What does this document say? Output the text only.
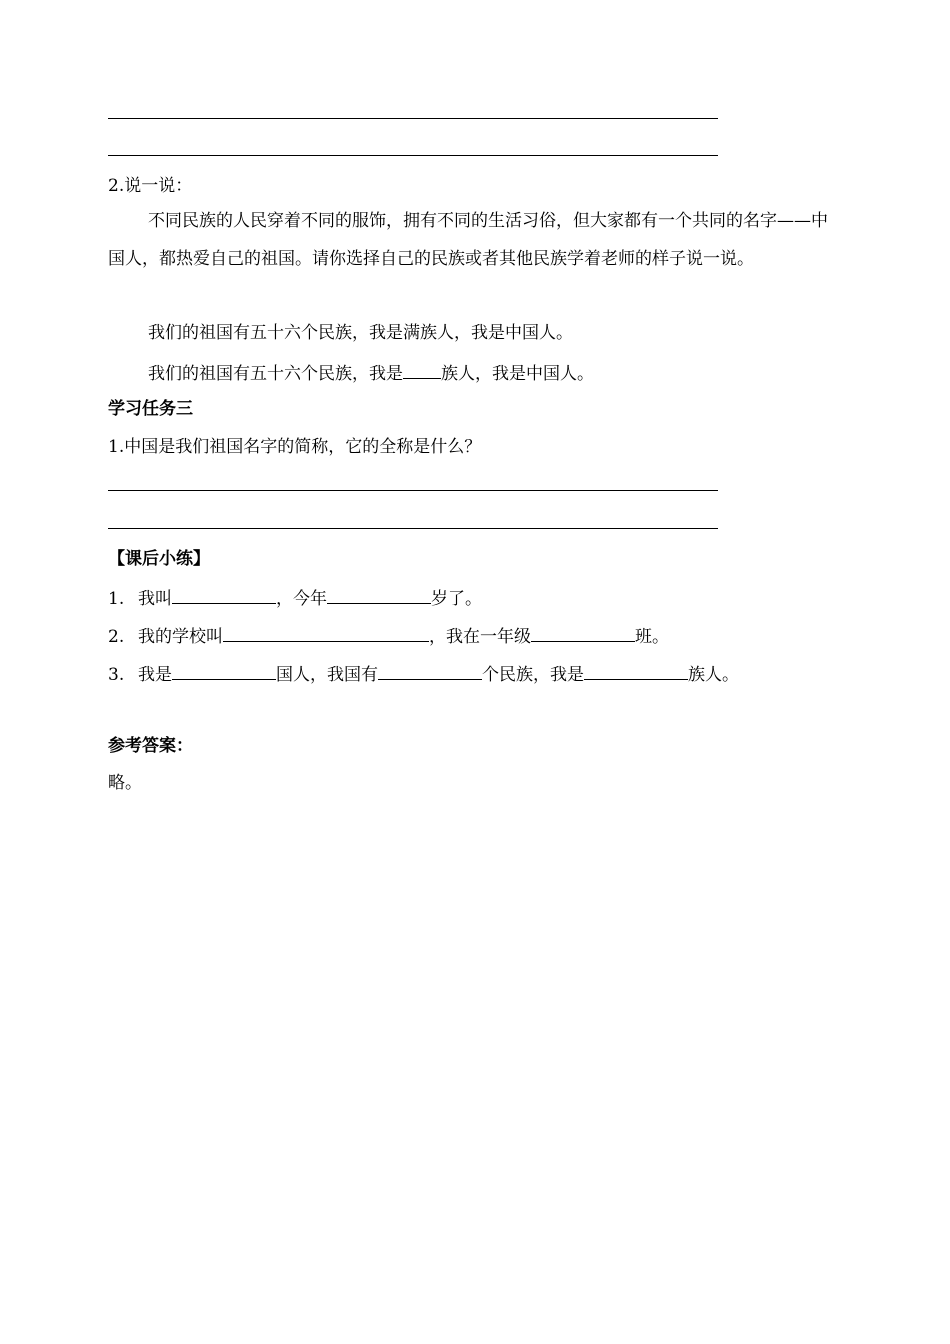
2.说一说：
不同民族的人民穿着不同的服饰，拥有不同的生活习俗，但大家都有一个共同的名字——中国人，都热爱自己的祖国。请你选择自己的民族或者其他民族学着老师的样子说一说。
我们的祖国有五十六个民族，我是满族人，我是中国人。
我们的祖国有五十六个民族，我是 族人，我是中国人。
学习任务三
1.中国是我们祖国名字的简称，它的全称是什么？
【课后小练】
1. 我叫	，今年	岁了。
2. 我的学校叫	，我在一年级	班。
3. 我是	国人，我国有	个民族，我是	族人。
参考答案：
略。
